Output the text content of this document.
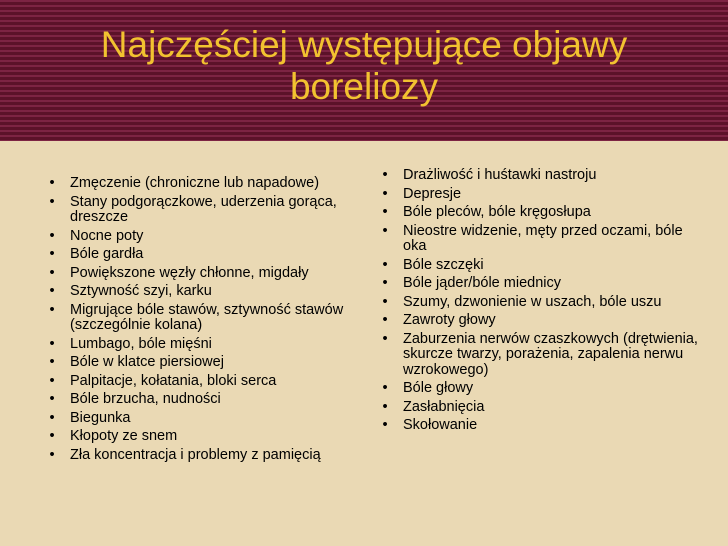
Najczęściej występujące objawy boreliozy
•	Zmęczenie (chroniczne lub napadowe)
•	Stany podgorączkowe, uderzenia gorąca, dreszcze
•	Nocne poty
•	Bóle gardła
•	Powiększone węzły chłonne, migdały
•	Sztywność szyi, karku
•	Migrujące bóle stawów, sztywność stawów (szczególnie kolana)
•	Lumbago, bóle mięśni
•	Bóle w klatce piersiowej
•	Palpitacje, kołatania, bloki serca
•	Bóle brzucha, nudności
•	Biegunka
•	Kłopoty ze snem
•	Zła koncentracja i problemy z pamięcią
•	Drażliwość i huśtawki nastroju
•	Depresje
•	Bóle pleców, bóle kręgosłupa
•	Nieostre widzenie, męty przed oczami, bóle oka
•	Bóle szczęki
•	Bóle jąder/bóle miednicy
•	Szumy, dzwonienie w uszach, bóle uszu
•	Zawroty głowy
•	Zaburzenia nerwów czaszkowych (drętwienia, skurcze twarzy, porażenia, zapalenia nerwu wzrokowego)
•	Bóle głowy
•	Zasłabnięcia
•	Skołowanie
